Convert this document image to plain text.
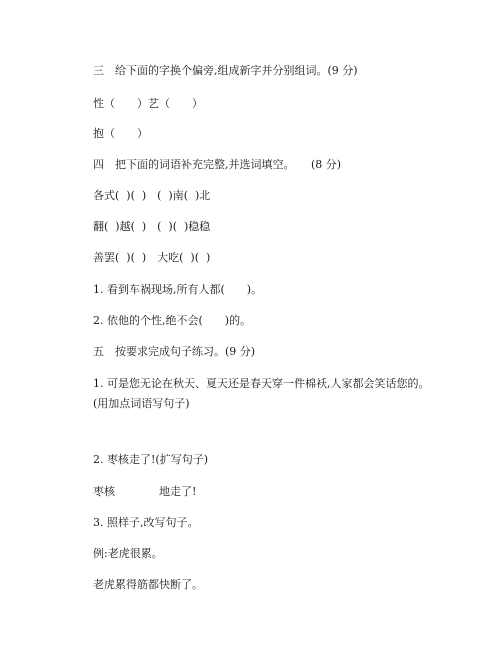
三　给下面的字换个偏旁,组成新字并分别组词。(9 分)
性（　　）艺（　　）
抱（　　）
四　把下面的词语补充完整,并选词填空。　　(8 分)
各式(  )(  )　(  )南(  )北
翻(  )越(  )　(  )(  )稳稳
善罢(  )(  )　大吃(  )(  )
1. 看到车祸现场,所有人都(　　)。
2. 依他的个性,绝不会(　　)的。
五　按要求完成句子练习。(9 分)
1. 可是您无论在秋天、夏天还是春天穿一件棉袄,人家都会笑话您的。(用加点词语写句子)
2. 枣核走了!(扩写句子)
枣核　　　　地走了!
3. 照样子,改写句子。
例:老虎很累。
老虎累得筋都快断了。
